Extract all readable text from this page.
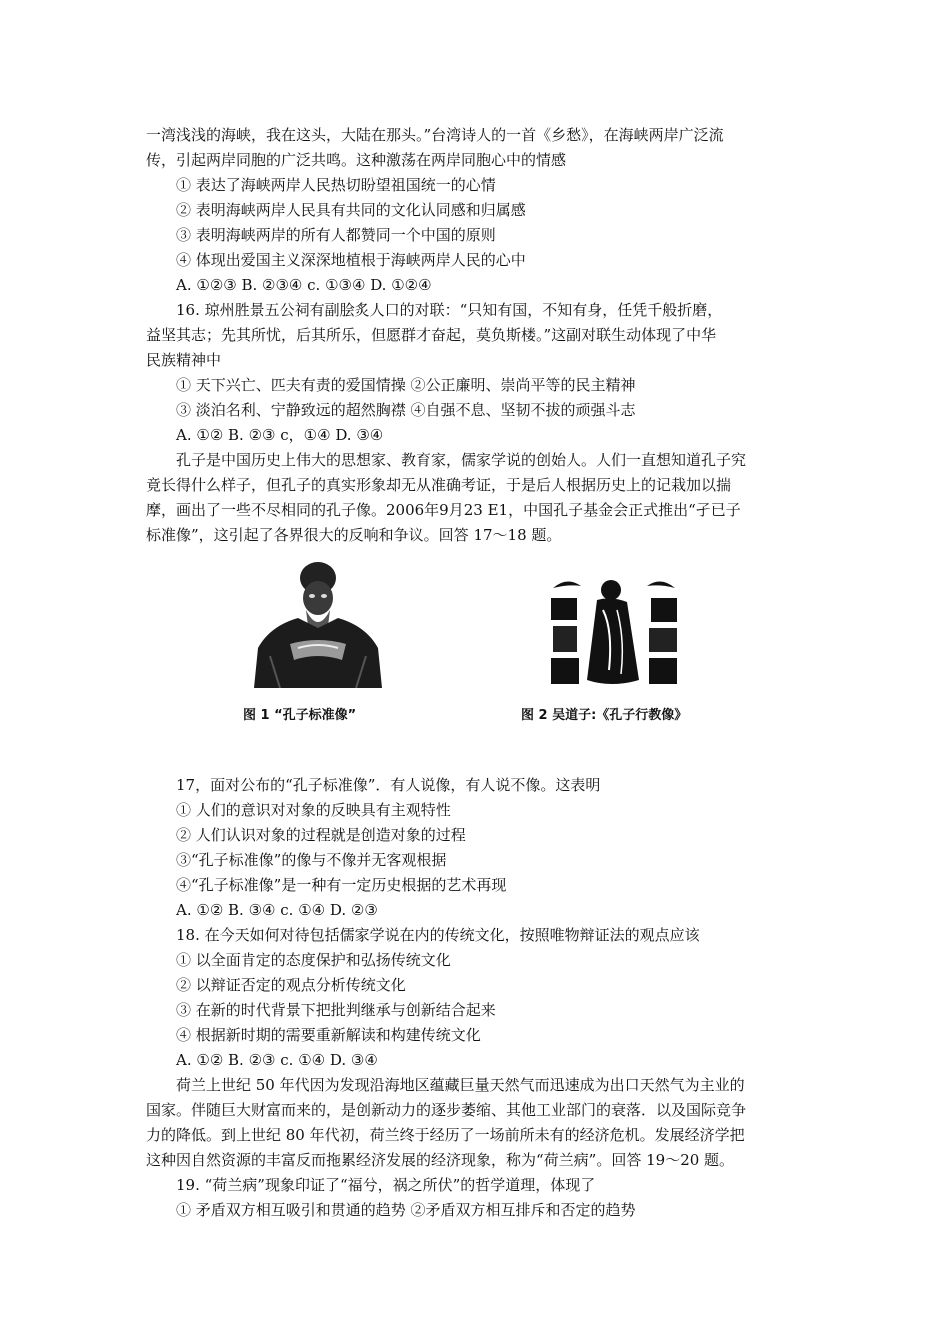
一湾浅浅的海峡，我在这头，大陆在那头。”台湾诗人的一首《乡愁》，在海峡两岸广泛流
传，引起两岸同胞的广泛共鸣。这种激荡在两岸同胞心中的情感
① 表达了海峡两岸人民热切盼望祖国统一的心情
② 表明海峡两岸人民具有共同的文化认同感和归属感
③ 表明海峡两岸的所有人都赞同一个中国的原则
④ 体现出爱国主义深深地植根于海峡两岸人民的心中
A. ①②③ B. ②③④ c. ①③④ D. ①②④
16. 琼州胜景五公祠有副脍炙人口的对联：“只知有国，不知有身，任凭千般折磨，
益坚其志；先其所忧，后其所乐，但愿群才奋起，莫负斯楼。”这副对联生动体现了中华
民族精神中
① 天下兴亡、匹夫有责的爱国情操 ②公正廉明、崇尚平等的民主精神
③ 淡泊名利、宁静致远的超然胸襟 ④自强不息、坚韧不拔的顽强斗志
A. ①② B. ②③ c，①④ D. ③④
孔子是中国历史上伟大的思想家、教育家，儒家学说的创始人。人们一直想知道孔子究
竟长得什么样子，但孔子的真实形象却无从准确考证，于是后人根据历史上的记栽加以揣
摩，画出了一些不尽相同的孔子像。2006年9月23 E1，中国孔子基金会正式推出“孑已子
标准像”，这引起了各界很大的反响和争议。回答 17～18 题。
图 1 “孔子标准像”	图 2 吴道子:《孔子行教像》
17，面对公布的“孔子标准像”．有人说像，有人说不像。这表明
① 人们的意识对对象的反映具有主观特性
② 人们认识对象的过程就是创造对象的过程
③“孔子标准像”的像与不像并无客观根据
④“孔子标准像”是一种有一定历史根据的艺术再现
A. ①② B. ③④ c. ①④ D. ②③
18. 在今天如何对待包括儒家学说在内的传统文化，按照唯物辩证法的观点应该
① 以全面肯定的态度保护和弘扬传统文化
② 以辩证否定的观点分析传统文化
③ 在新的时代背景下把批判继承与创新结合起来
④ 根据新时期的需要重新解读和构建传统文化
A. ①② B. ②③ c. ①④ D. ③④
荷兰上世纪 50 年代因为发现沿海地区蕴藏巨量天然气而迅速成为出口天然气为主业的
国家。伴随巨大财富而来的，是创新动力的逐步萎缩、其他工业部门的衰落．以及国际竞争
力的降低。到上世纪 80 年代初，荷兰终于经历了一场前所未有的经济危机。发展经济学把
这种因自然资源的丰富反而拖累经济发展的经济现象，称为“荷兰病”。回答 19～20 题。
19. “荷兰病”现象印证了“福兮，祸之所伏”的哲学道理，体现了
① 矛盾双方相互吸引和贯通的趋势 ②矛盾双方相互排斥和否定的趋势
